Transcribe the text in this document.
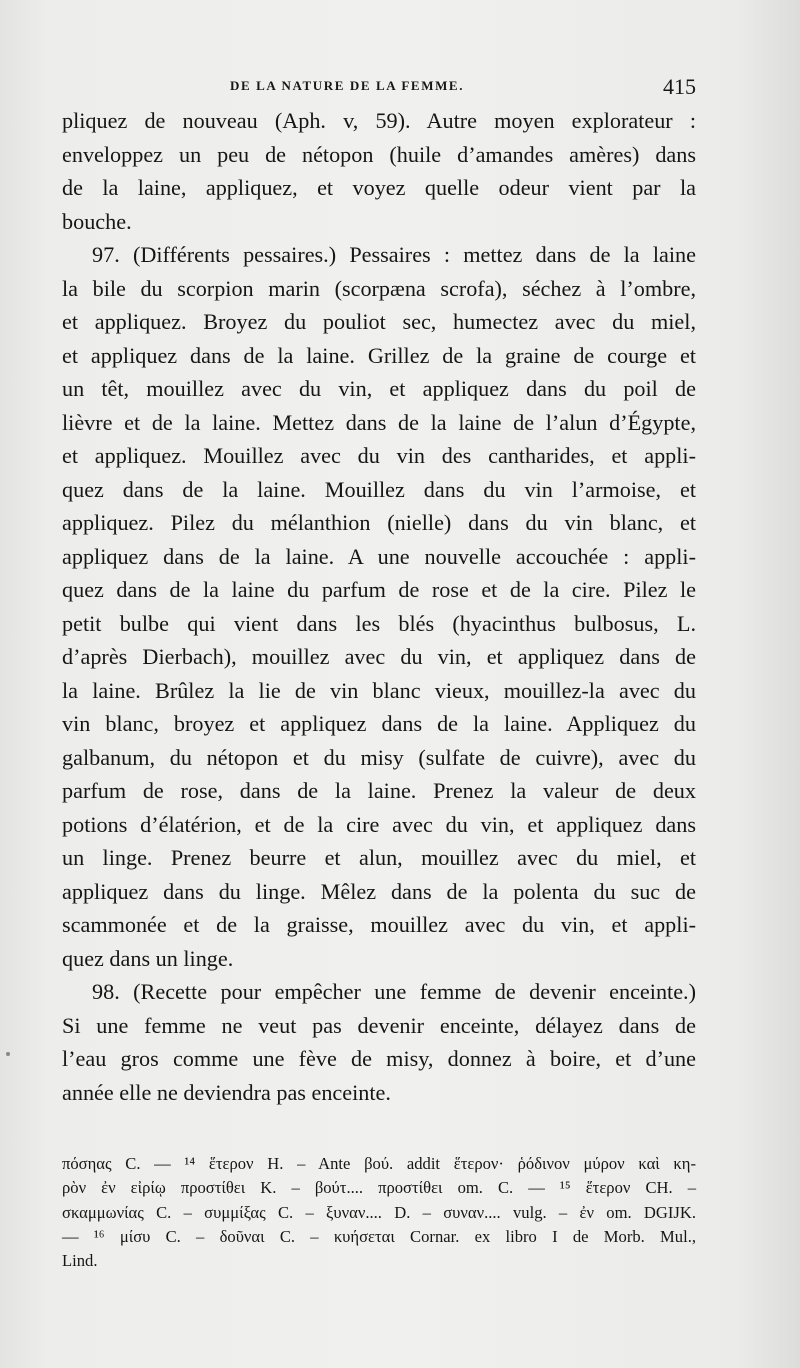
DE LA NATURE DE LA FEMME.	415
pliquez de nouveau (Aph. v, 59). Autre moyen explorateur :
enveloppez un peu de nétopon (huile d’amandes amères) dans
de la laine, appliquez, et voyez quelle odeur vient par la
bouche.
97. (Différents pessaires.) Pessaires : mettez dans de la laine
la bile du scorpion marin (scorpæna scrofa), séchez à l’ombre,
et appliquez. Broyez du pouliot sec, humectez avec du miel,
et appliquez dans de la laine. Grillez de la graine de courge et
un têt, mouillez avec du vin, et appliquez dans du poil de
lièvre et de la laine. Mettez dans de la laine de l’alun d’Égypte,
et appliquez. Mouillez avec du vin des cantharides, et appli-
quez dans de la laine. Mouillez dans du vin l’armoise, et
appliquez. Pilez du mélanthion (nielle) dans du vin blanc, et
appliquez dans de la laine. A une nouvelle accouchée : appli-
quez dans de la laine du parfum de rose et de la cire. Pilez le
petit bulbe qui vient dans les blés (hyacinthus bulbosus, L.
d’après Dierbach), mouillez avec du vin, et appliquez dans de
la laine. Brûlez la lie de vin blanc vieux, mouillez-la avec du
vin blanc, broyez et appliquez dans de la laine. Appliquez du
galbanum, du nétopon et du misy (sulfate de cuivre), avec du
parfum de rose, dans de la laine. Prenez la valeur de deux
potions d’élatérion, et de la cire avec du vin, et appliquez dans
un linge. Prenez beurre et alun, mouillez avec du miel, et
appliquez dans du linge. Mêlez dans de la polenta du suc de
scammonée et de la graisse, mouillez avec du vin, et appli-
quez dans un linge.
98. (Recette pour empêcher une femme de devenir enceinte.)
Si une femme ne veut pas devenir enceinte, délayez dans de
l’eau gros comme une fève de misy, donnez à boire, et d’une
année elle ne deviendra pas enceinte.
πόσηας C. — ¹⁴ ἕτερον H. – Ante βού. addit ἕτερον· ῥόδινον μύρον καὶ κη-
ρὸν ἐν εἰρίῳ προστίθει K. – βούτ.... προστίθει om. C. — ¹⁵ ἕτερον CH. –
σκαμμωνίας C. – συμμίξας C. – ξυναν.... D. – συναν.... vulg. – ἐν om. DGIJK.
— ¹⁶ μίσυ C. – δοῦναι C. – κυήσεται Cornar. ex libro I de Morb. Mul.,
Lind.
